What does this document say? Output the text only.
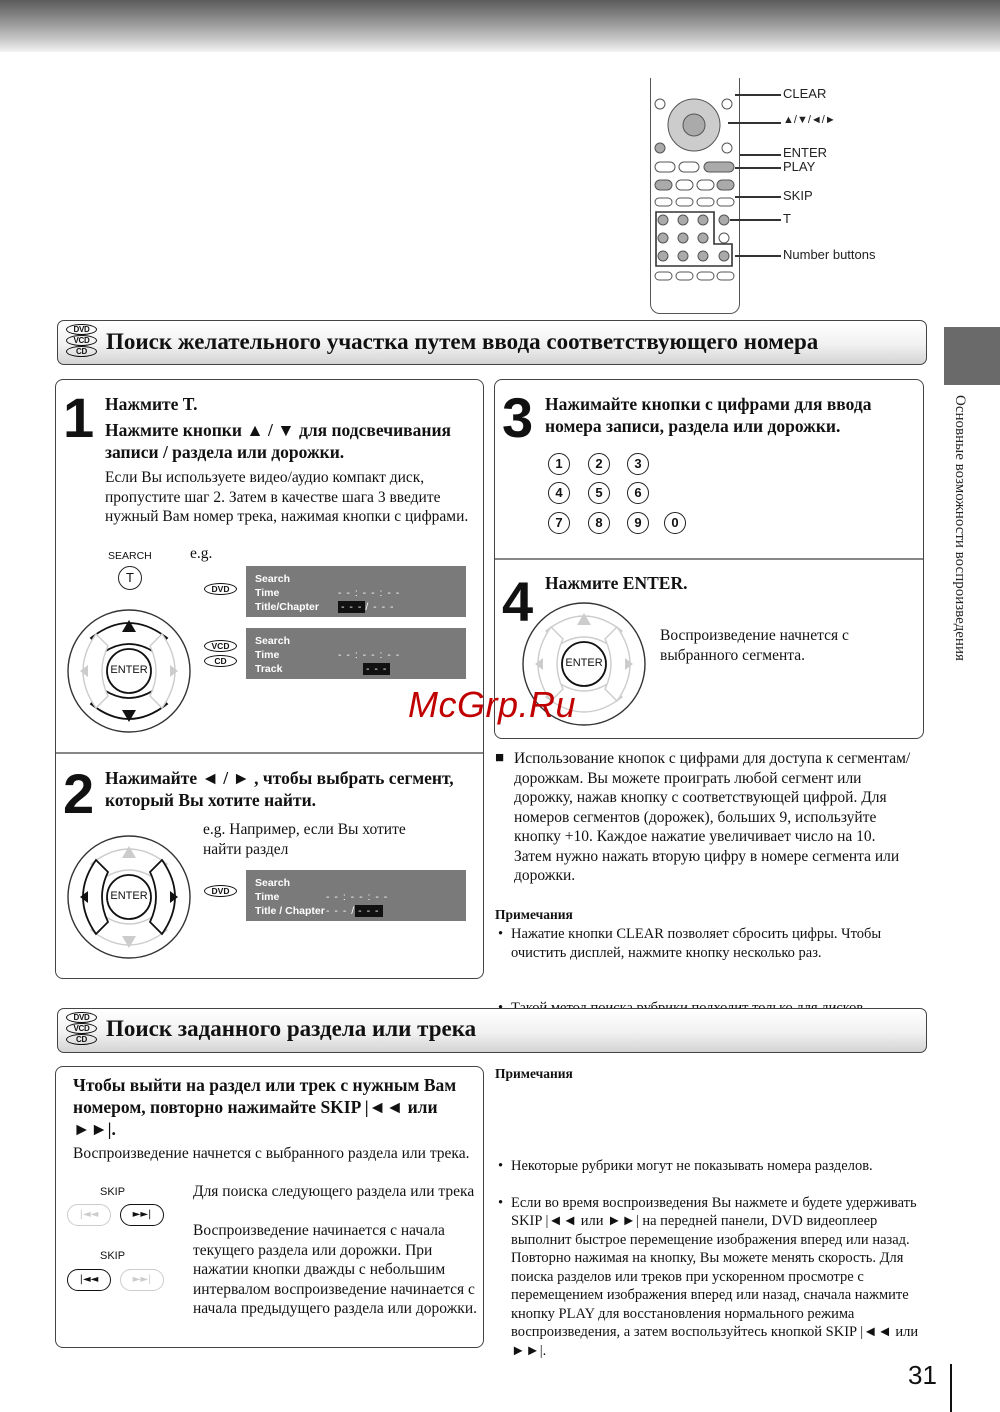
CLEAR
▲/▼/◄/►
ENTER
PLAY
SKIP
T
Number buttons
DVD
VCD
CD Поиск желательного участка путем ввода соответствующего номера
Основные возможности воспроизведения
1 Нажмите T.
Нажмите кнопки ▲ / ▼ для подсвечивания записи / раздела или дорожки.
Если Вы используете видео/аудио компакт диск, пропустите шаг 2. Затем в качестве шага 3 введите нужный Вам номер трека, нажимая кнопки с цифрами.
e.g.
SEARCH
T
ENTER
DVD
Search
Time
Title/Chapter
- - : - - : - -
- - - / - - -
VCD
CD
Search
Time
Track
- - : - - : - -
- - -
2 Нажимайте ◄ / ► , чтобы выбрать сегмент, который Вы хотите найти.
e.g. Например, если Вы хотите найти раздел
ENTER	DVD
Search
Time
Title / Chapter
- - : - - : - -
- - - / - - -
3 Нажимайте кнопки с цифрами для ввода номера записи, раздела или дорожки.
1	2	3
4	5	6
7	8	9	0
4 Нажмите ENTER.
ENTER
Воспроизведение начнется с выбранного сегмента.
McGrp.Ru
■ Использование кнопок с цифрами для доступа к сегментам/дорожкам. Вы можете проиграть любой сегмент или дорожку, нажав кнопку с соответствующей цифрой. Для номеров сегментов (дорожек), больших 9, используйте кнопку +10. Каждое нажатие увеличивает число на 10. Затем нужно нажать вторую цифру в номере сегмента или дорожки.
Примечания
• Нажатие кнопки CLEAR позволяет сбросить цифры. Чтобы очистить дисплей, нажмите кнопку несколько раз.
DVD
VCD
CD Поиск заданного раздела или трека
Чтобы выйти на раздел или трек с нужным Вам номером, повторно нажимайте SKIP |◄◄ или ►►|.
Воспроизведение начнется с выбранного раздела или трека.
SKIP
|◄◄	►►|
Для поиска следующего раздела или трека
SKIP
|◄◄	►►|
Воспроизведение начинается с начала текущего раздела или дорожки. При нажатии кнопки дважды с небольшим интервалом воспроизведение начинается с начала предыдущего раздела или дорожки.
Примечания
• Некоторые рубрики могут не показывать номера разделов.
• Если во время воспроизведения Вы нажмете и будете удерживать SKIP |◄◄ или ►►| на передней панели, DVD видеоплеер выполнит быстрое перемещение изображения вперед или назад. Повторно нажимая на кнопку, Вы можете менять скорость. Для поиска разделов или треков при ускоренном просмотре с перемещением изображения вперед или назад, сначала нажмите кнопку PLAY для восстановления нормального режима воспроизведения, а затем воспользуйтесь кнопкой SKIP |◄◄ или ►►|.
31
